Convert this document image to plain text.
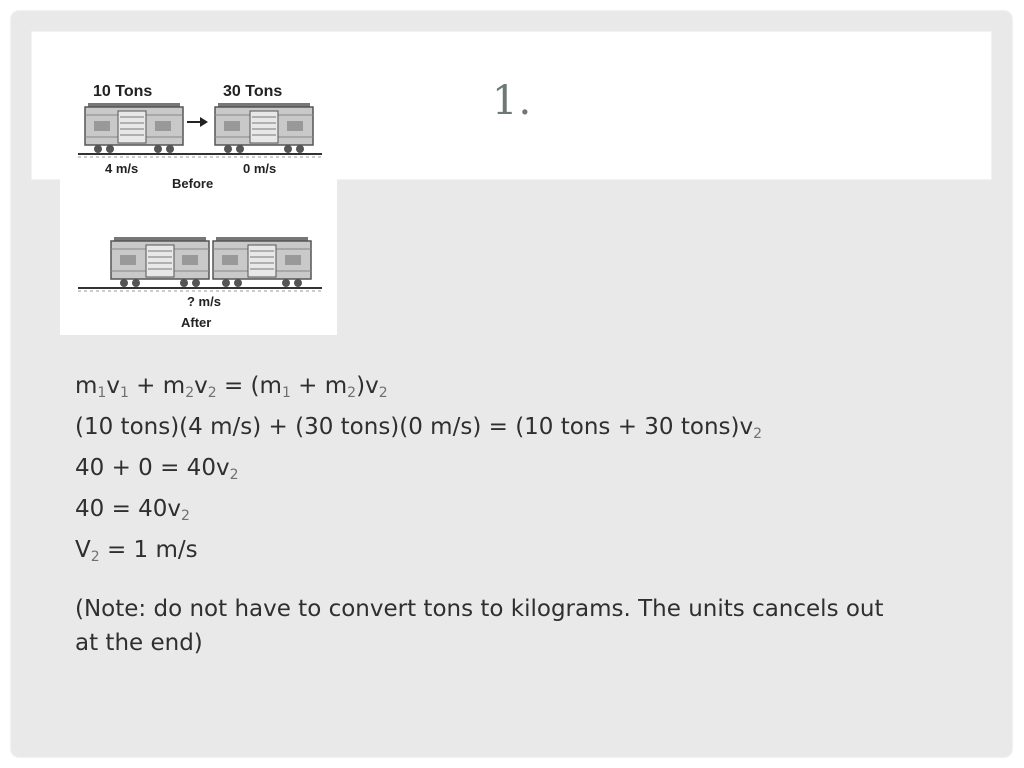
1.
10 Tons	30 Tons
4 m/s	0 m/s
Before
? m/s
After
$m_1v_1 + m_2v_2 = (m_1 + m_2)v_2$
(10 tons)(4 m/s) + (30 tons)(0 m/s) = (10 tons + 30 $tons)v_2$
$40 + 0 = 40v_2$
$40 = 40v_2$
$V_2 = 1$ m/s
(Note: do not have to convert tons to kilograms. The units cancels out at the end)
